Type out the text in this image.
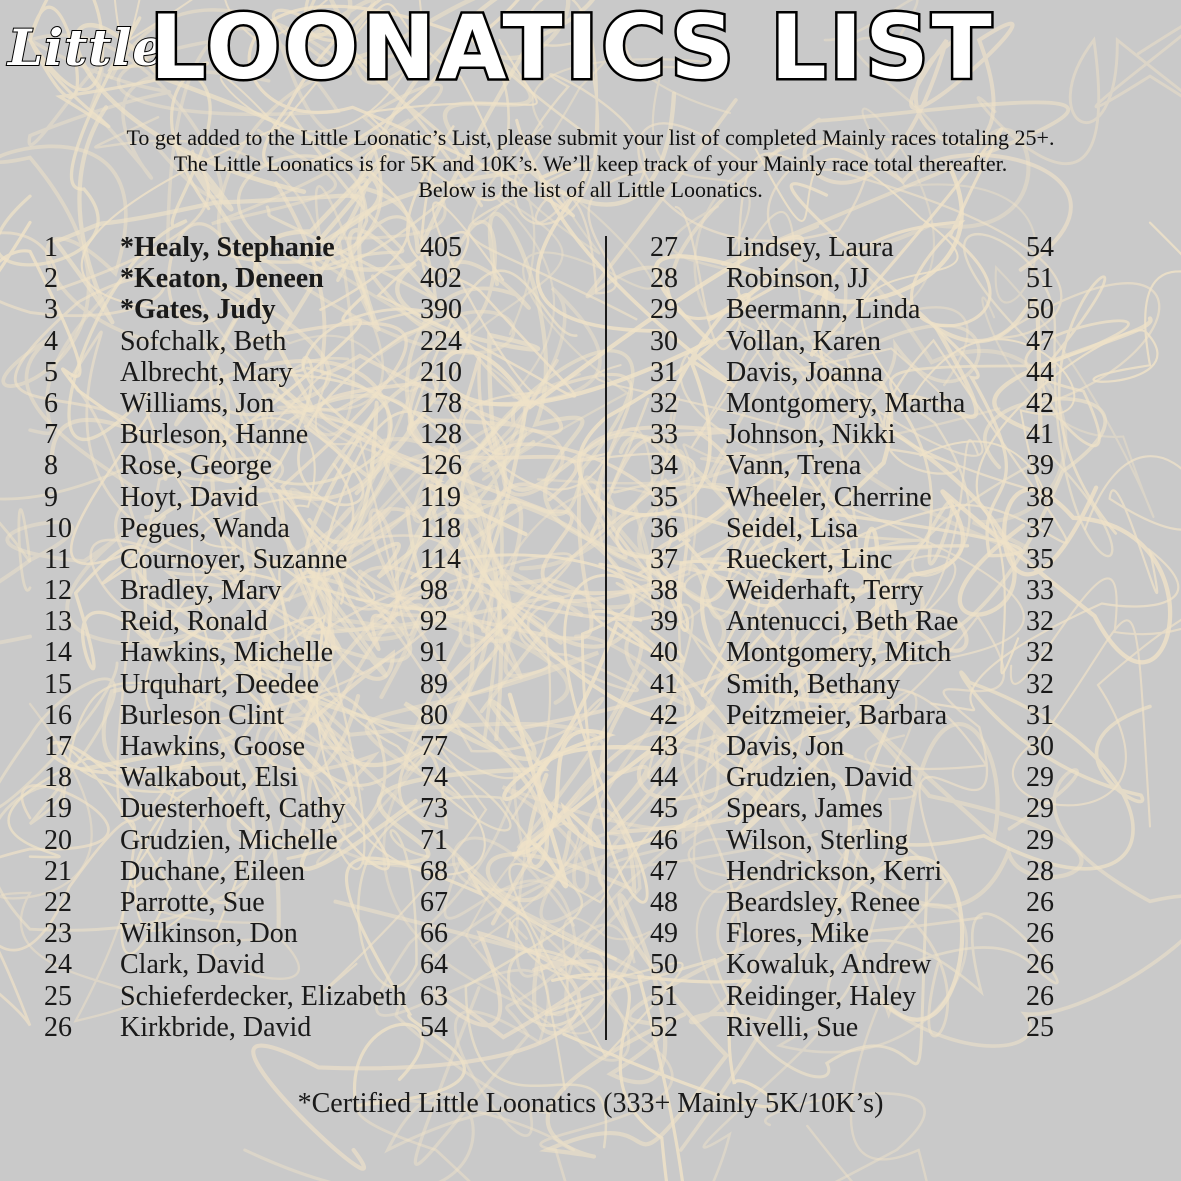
Little
LOONATICS LIST
To get added to the Little Loonatic’s List, please submit your list of completed Mainly races totaling 25+.
The Little Loonatics is for 5K and 10K’s. We’ll keep track of your Mainly race total thereafter.
Below is the list of all Little Loonatics.
1 *Healy, Stephanie	405
2 *Keaton, Deneen	402
3 *Gates, Judy	390
4 Sofchalk, Beth	224
5 Albrecht, Mary	210
6 Williams, Jon	178
7 Burleson, Hanne	128
8 Rose, George	126
9 Hoyt, David	119
10 Pegues, Wanda	118
11 Cournoyer, Suzanne	114
12 Bradley, Marv	98
13 Reid, Ronald	92
14 Hawkins, Michelle	91
15 Urquhart, Deedee	89
16 Burleson Clint	80
17 Hawkins, Goose	77
18 Walkabout, Elsi	74
19 Duesterhoeft, Cathy	73
20 Grudzien, Michelle	71
21 Duchane, Eileen	68
22 Parrotte, Sue	67
23 Wilkinson, Don	66
24 Clark, David	64
25 Schieferdecker, Elizabeth 63
26 Kirkbride, David	54
27 Lindsey, Laura	54
28 Robinson, JJ	51
29 Beermann, Linda	50
30 Vollan, Karen	47
31 Davis, Joanna	44
32 Montgomery, Martha 42
33 Johnson, Nikki	41
34 Vann, Trena	39
35 Wheeler, Cherrine	38
36 Seidel, Lisa	37
37 Rueckert, Linc	35
38 Weiderhaft, Terry	33
39 Antenucci, Beth Rae 32
40 Montgomery, Mitch	32
41 Smith, Bethany	32
42 Peitzmeier, Barbara	31
43 Davis, Jon	30
44 Grudzien, David	29
45 Spears, James	29
46 Wilson, Sterling	29
47 Hendrickson, Kerri	28
48 Beardsley, Renee	26
49 Flores, Mike	26
50 Kowaluk, Andrew	26
51 Reidinger, Haley	26
52 Rivelli, Sue	25
*Certified Little Loonatics (333+ Mainly 5K/10K’s)
